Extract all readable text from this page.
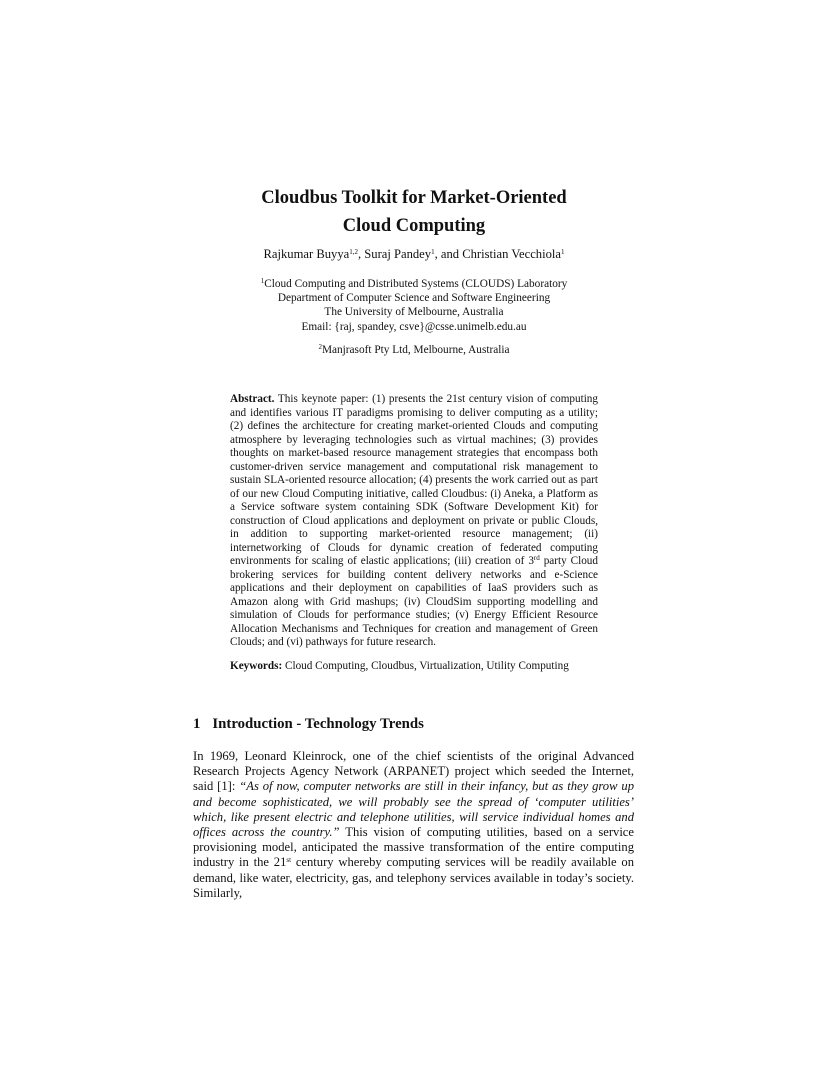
Cloudbus Toolkit for Market-Oriented
Cloud Computing
Rajkumar Buyya$^{1,2}$, Suraj Pandey$^1$, and Christian Vecchiola$^1$
$^1$Cloud Computing and Distributed Systems (CLOUDS) Laboratory
Department of Computer Science and Software Engineering
The University of Melbourne, Australia
Email: {raj, spandey, csve}@csse.unimelb.edu.au
$^2$Manjrasoft Pty Ltd, Melbourne, Australia

Abstract. This keynote paper: (1) presents the 21st century vision of computing and identifies various IT paradigms promising to deliver computing as a utility; (2) defines the architecture for creating market-oriented Clouds and computing atmosphere by leveraging technologies such as virtual machines; (3) provides thoughts on market-based resource management strategies that encompass both customer-driven service management and computational risk management to sustain SLA-oriented resource allocation; (4) presents the work carried out as part of our new Cloud Computing initiative, called Cloudbus: (i) Aneka, a Platform as a Service software system containing SDK (Software Development Kit) for construction of Cloud applications and deployment on private or public Clouds, in addition to supporting market-oriented resource management; (ii) internetworking of Clouds for dynamic creation of federated computing environments for scaling of elastic applications; (iii) creation of 3rd party Cloud brokering services for building content delivery networks and e-Science applications and their deployment on capabilities of IaaS providers such as Amazon along with Grid mashups; (iv) CloudSim supporting modelling and simulation of Clouds for performance studies; (v) Energy Efficient Resource Allocation Mechanisms and Techniques for creation and management of Green Clouds; and (vi) pathways for future research.

Keywords: Cloud Computing, Cloudbus, Virtualization, Utility Computing
1 Introduction - Technology Trends

In 1969, Leonard Kleinrock, one of the chief scientists of the original Advanced Research Projects Agency Network (ARPANET) project which seeded the Internet, said [1]: “As of now, computer networks are still in their infancy, but as they grow up and become sophisticated, we will probably see the spread of ‘computer utilities’ which, like present electric and telephone utilities, will service individual homes and offices across the country.” This vision of computing utilities, based on a service provisioning model, anticipated the massive transformation of the entire computing industry in the 21st century whereby computing services will be readily available on demand, like water, electricity, gas, and telephony services available in today’s society. Similarly,
